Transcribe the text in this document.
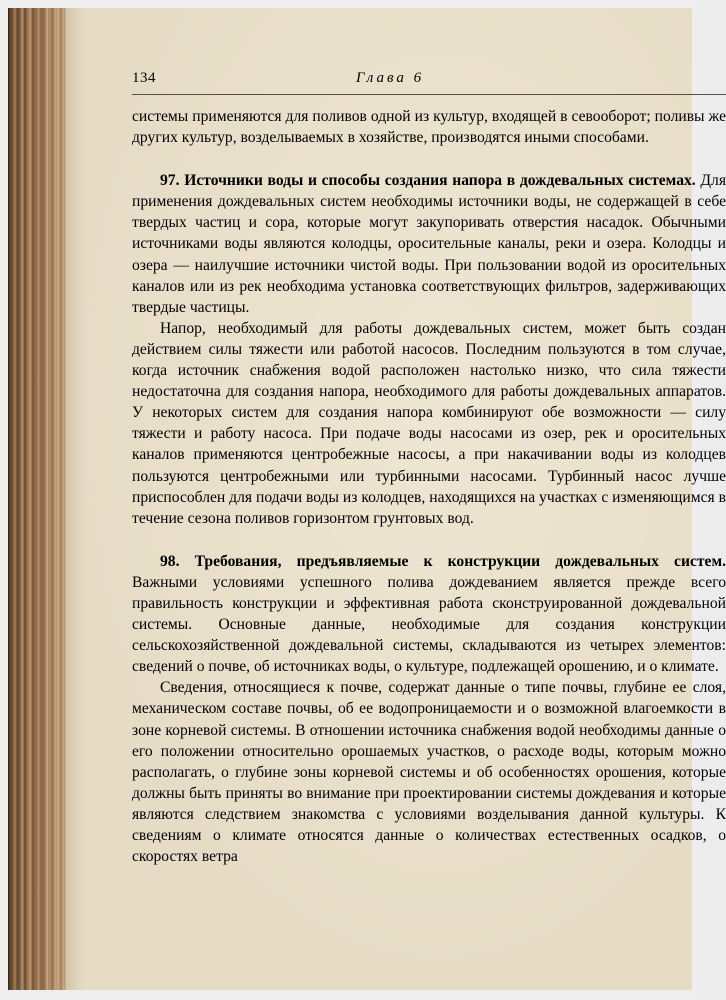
134	Глава 6

системы применяются для поливов одной из культур, входящей в севооборот; поливы же других культур, возделываемых в хозяйстве, производятся иными способами.

97. Источники воды и способы создания напора в дождевальных системах. Для применения дождевальных систем необходимы источники воды, не содержащей в себе твердых частиц и сора, которые могут закупоривать отверстия насадок. Обычными источниками воды являются колодцы, оросительные каналы, реки и озера. Колодцы и озера — наилучшие источники чистой воды. При пользовании водой из оросительных каналов или из рек необходима установка соответствующих фильтров, задерживающих твердые частицы.

Напор, необходимый для работы дождевальных систем, может быть создан действием силы тяжести или работой насосов. Последним пользуются в том случае, когда источник снабжения водой расположен настолько низко, что сила тяжести недостаточна для создания напора, необходимого для работы дождевальных аппаратов. У некоторых систем для создания напора комбинируют обе возможности — силу тяжести и работу насоса. При подаче воды насосами из озер, рек и оросительных каналов применяются центробежные насосы, а при накачивании воды из колодцев пользуются центробежными или турбинными насосами. Турбинный насос лучше приспособлен для подачи воды из колодцев, находящихся на участках с изменяющимся в течение сезона поливов горизонтом грунтовых вод.

98. Требования, предъявляемые к конструкции дождевальных систем. Важными условиями успешного полива дождеванием является прежде всего правильность конструкции и эффективная работа сконструированной дождевальной системы. Основные данные, необходимые для создания конструкции сельскохозяйственной дождевальной системы, складываются из четырех элементов: сведений о почве, об источниках воды, о культуре, подлежащей орошению, и о климате.

Сведения, относящиеся к почве, содержат данные о типе почвы, глубине ее слоя, механическом составе почвы, об ее водопроницаемости и о возможной влагоемкости в зоне корневой системы. В отношении источника снабжения водой необходимы данные о его положении относительно орошаемых участков, о расходе воды, которым можно располагать, о глубине зоны корневой системы и об особенностях орошения, которые должны быть приняты во внимание при проектировании системы дождевания и которые являются следствием знакомства с условиями возделывания данной культуры. К сведениям о климате относятся данные о количествах естественных осадков, о скоростях ветра
